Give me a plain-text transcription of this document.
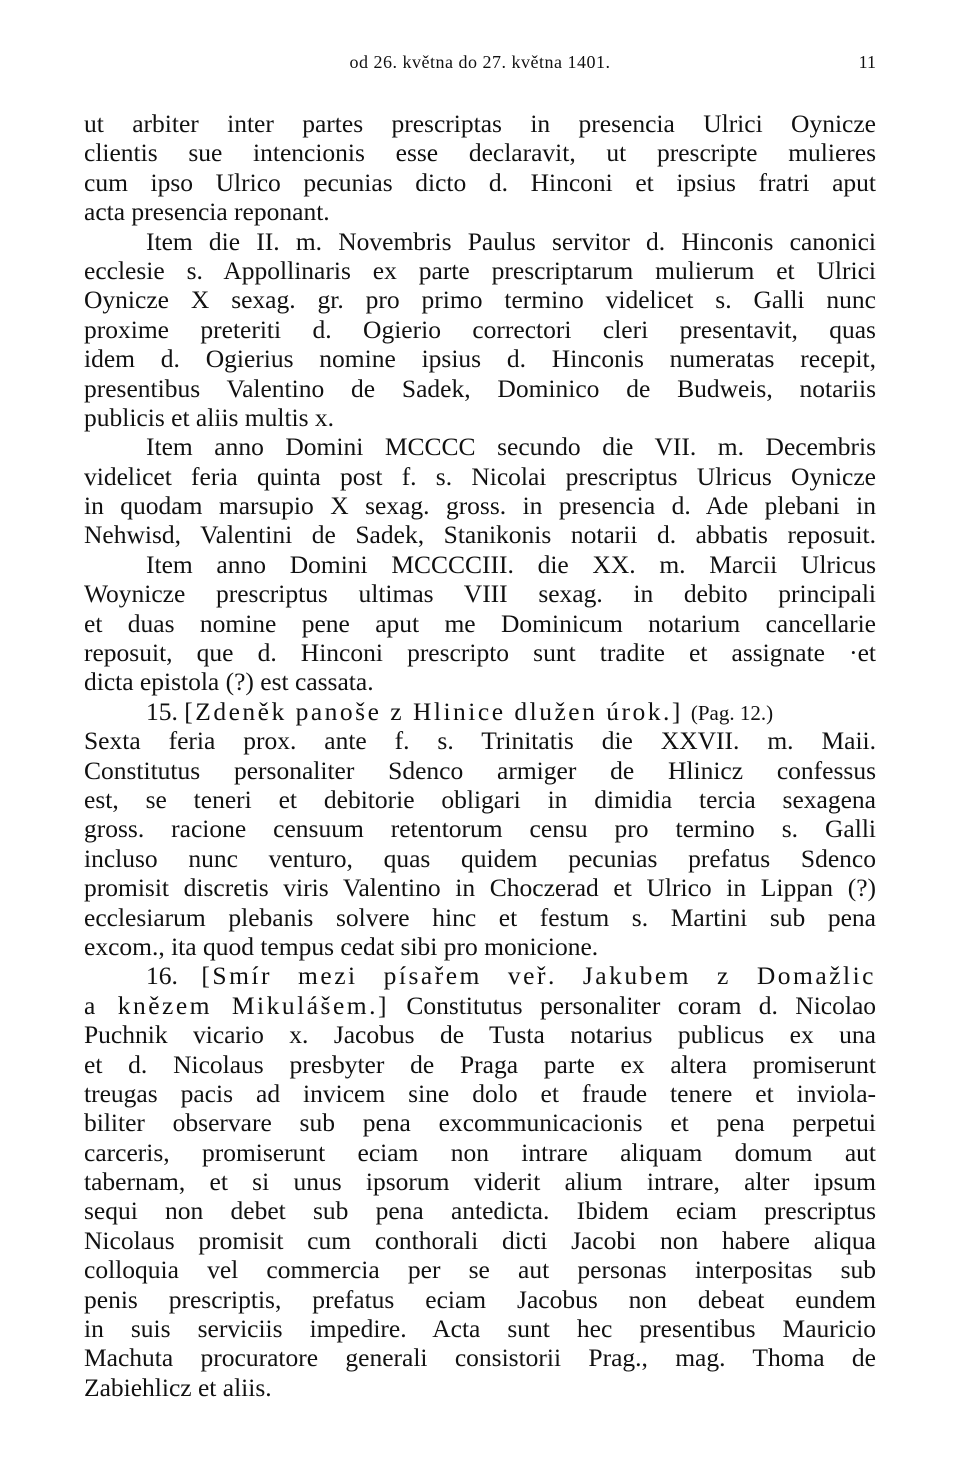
od 26. května do 27. května 1401.	11
ut arbiter inter partes prescriptas in presencia Ulrici Oynicze
clientis sue intencionis esse declaravit, ut prescripte mulieres
cum ipso Ulrico pecunias dicto d. Hinconi et ipsius fratri aput
acta presencia reponant.
Item die II. m. Novembris Paulus servitor d. Hinconis canonici
ecclesie s. Appollinaris ex parte prescriptarum mulierum et Ulrici
Oynicze X sexag. gr. pro primo termino videlicet s. Galli nunc
proxime preteriti d. Ogierio correctori cleri presentavit, quas
idem d. Ogierius nomine ipsius d. Hinconis numeratas recepit,
presentibus Valentino de Sadek, Dominico de Budweis, notariis
publicis et aliis multis x.
Item anno Domini MCCCC secundo die VII. m. Decembris
videlicet feria quinta post f. s. Nicolai prescriptus Ulricus Oynicze
in quodam marsupio X sexag. gross. in presencia d. Ade plebani in
Nehwisd, Valentini de Sadek, Stanikonis notarii d. abbatis reposuit.
Item anno Domini MCCCCIII. die XX. m. Marcii Ulricus
Woynicze prescriptus ultimas VIII sexag. in debito principali
et duas nomine pene aput me Dominicum notarium cancellarie
reposuit, que d. Hinconi prescripto sunt tradite et assignate ·et
dicta epistola (?) est cassata.
15. [Zdeněk panoše z Hlinice dlužen úrok.] (Pag. 12.)
Sexta feria prox. ante f. s. Trinitatis die XXVII. m. Maii.
Constitutus personaliter Sdenco armiger de Hlinicz confessus
est, se teneri et debitorie obligari in dimidia tercia sexagena
gross. racione censuum retentorum censu pro termino s. Galli
incluso nunc venturo, quas quidem pecunias prefatus Sdenco
promisit discretis viris Valentino in Choczerad et Ulrico in Lippan (?)
ecclesiarum plebanis solvere hinc et festum s. Martini sub pena
excom., ita quod tempus cedat sibi pro monicione.
16. [Smír mezi písařem veř. Jakubem z Domažlic
a knězem Mikulášem.] Constitutus personaliter coram d. Nicolao
Puchnik vicario x. Jacobus de Tusta notarius publicus ex una
et d. Nicolaus presbyter de Praga parte ex altera promiserunt
treugas pacis ad invicem sine dolo et fraude tenere et inviola-
biliter observare sub pena excommunicacionis et pena perpetui
carceris, promiserunt eciam non intrare aliquam domum aut
tabernam, et si unus ipsorum viderit alium intrare, alter ipsum
sequi non debet sub pena antedicta. Ibidem eciam prescriptus
Nicolaus promisit cum conthorali dicti Jacobi non habere aliqua
colloquia vel commercia per se aut personas interpositas sub
penis prescriptis, prefatus eciam Jacobus non debeat eundem
in suis serviciis impedire. Acta sunt hec presentibus Mauricio
Machuta procuratore generali consistorii Prag., mag. Thoma de
Zabiehlicz et aliis.
